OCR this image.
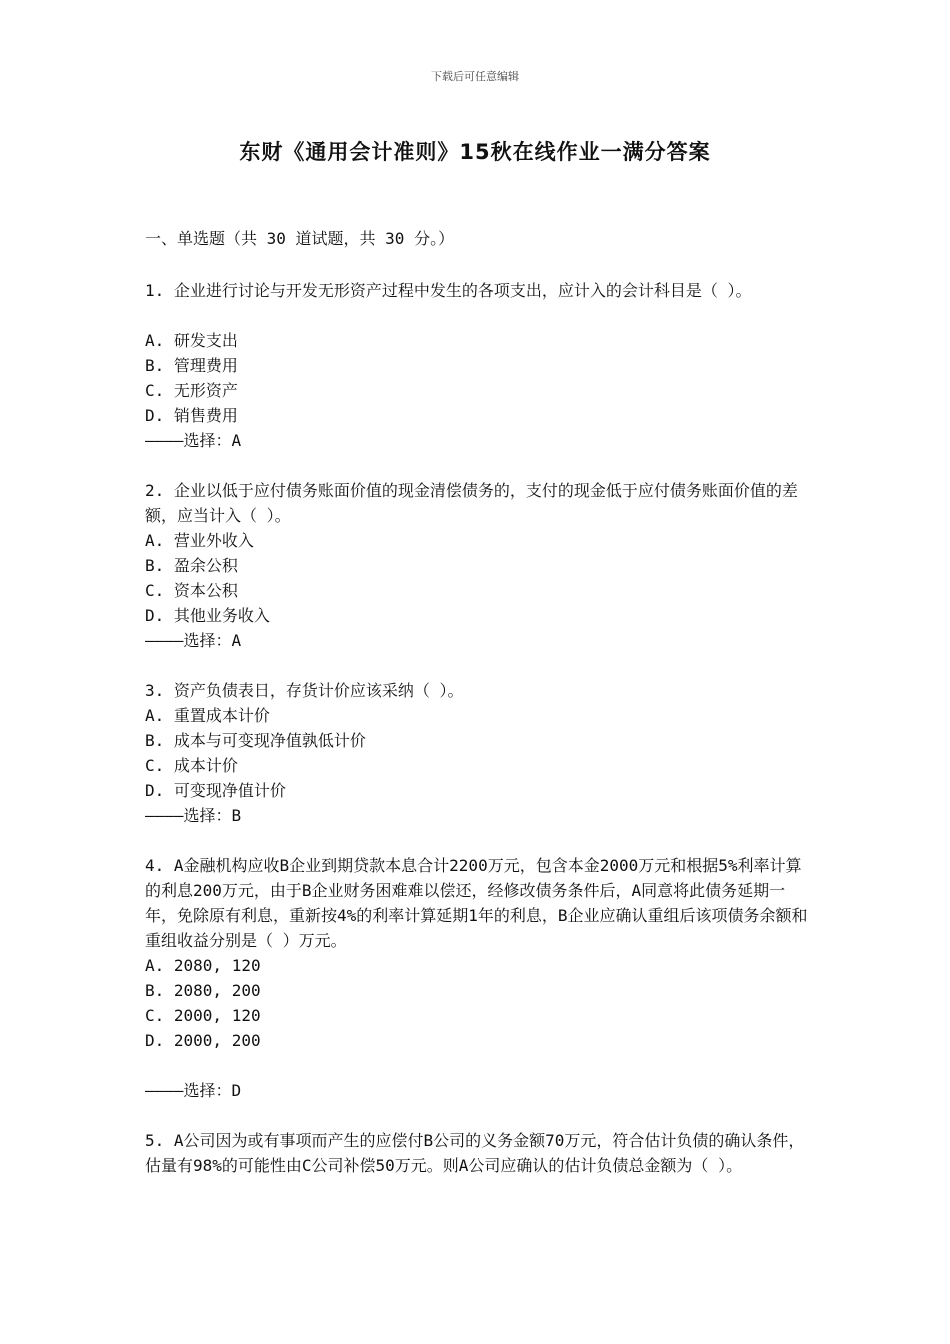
下载后可任意编辑
东财《通用会计准则》15秋在线作业一满分答案

一、单选题（共 30 道试题，共 30 分。）

1. 企业进行讨论与开发无形资产过程中发生的各项支出，应计入的会计科目是（ ）。

A. 研发支出

B. 管理费用

C. 无形资产

D. 销售费用

————选择：A

2. 企业以低于应付债务账面价值的现金清偿债务的，支付的现金低于应付债务账面价值的差额，应当计入（ ）。

A. 营业外收入

B. 盈余公积

C. 资本公积

D. 其他业务收入

————选择：A

3. 资产负债表日，存货计价应该采纳（ ）。

A. 重置成本计价

B. 成本与可变现净值孰低计价

C. 成本计价

D. 可变现净值计价

————选择：B

4. A金融机构应收B企业到期贷款本息合计2200万元，包含本金2000万元和根据5%利率计算的利息200万元，由于B企业财务困难难以偿还，经修改债务条件后，A同意将此债务延期一年，免除原有利息，重新按4%的利率计算延期1年的利息，B企业应确认重组后该项债务余额和重组收益分别是（ ）万元。

A. 2080, 120

B. 2080, 200

C. 2000, 120

D. 2000, 200

————选择：D

5. A公司因为或有事项而产生的应偿付B公司的义务金额70万元，符合估计负债的确认条件，估量有98%的可能性由C公司补偿50万元。则A公司应确认的估计负债总金额为（ ）。
